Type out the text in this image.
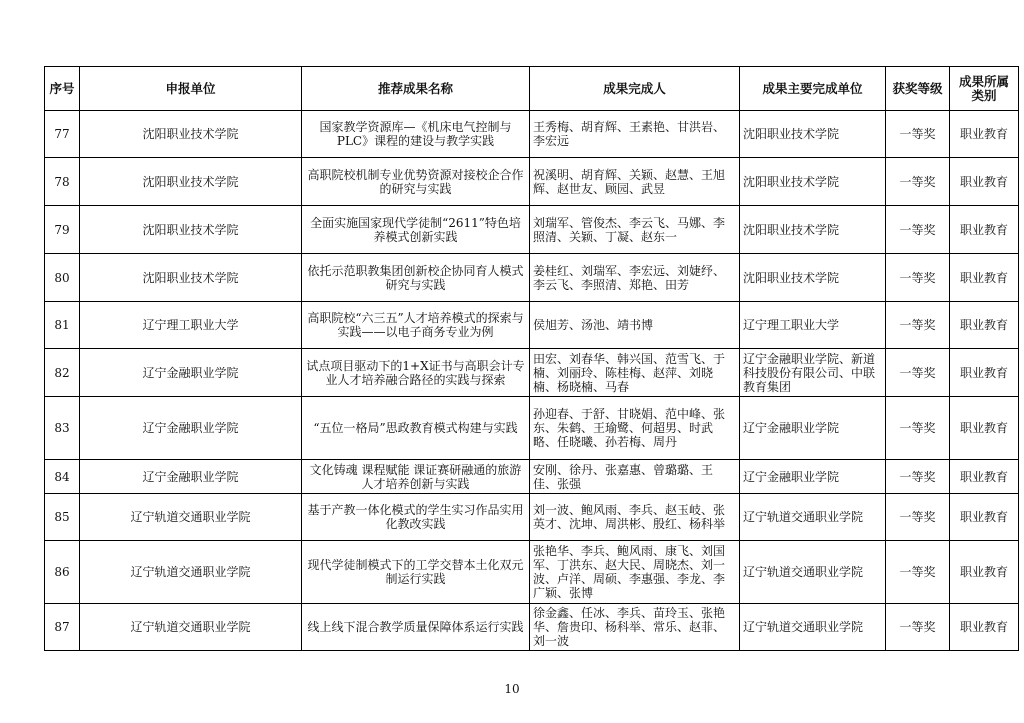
序号	申报单位	推荐成果名称	成果完成人	成果主要完成单位	获奖等级	成果所属类别
77	沈阳职业技术学院	国家教学资源库—《机床电气控制与PLC》课程的建设与教学实践	王秀梅、胡育辉、王素艳、甘洪岩、李宏远	沈阳职业技术学院	一等奖	职业教育
78	沈阳职业技术学院	高职院校机制专业优势资源对接校企合作的研究与实践	祝溪明、胡育辉、关颖、赵慧、王旭辉、赵世友、顾园、武昱	沈阳职业技术学院	一等奖	职业教育
79	沈阳职业技术学院	全面实施国家现代学徒制“2611”特色培养模式创新实践	刘瑞军、管俊杰、李云飞、马娜、李照清、关颖、丁凝、赵东一	沈阳职业技术学院	一等奖	职业教育
80	沈阳职业技术学院	依托示范职教集团创新校企协同育人模式研究与实践	姜桂红、刘瑞军、李宏远、刘婕纾、李云飞、李照清、郑艳、田芳	沈阳职业技术学院	一等奖	职业教育
81	辽宁理工职业大学	高职院校“六三五”人才培养模式的探索与实践——以电子商务专业为例	侯旭芳、汤池、靖书博	辽宁理工职业大学	一等奖	职业教育
82	辽宁金融职业学院	试点项目驱动下的1+X证书与高职会计专业人才培养融合路径的实践与探索	田宏、刘春华、韩兴国、范雪飞、于楠、刘丽玲、陈桂梅、赵萍、刘晓楠、杨晓楠、马春	辽宁金融职业学院、新道科技股份有限公司、中联教育集团	一等奖	职业教育
83	辽宁金融职业学院	“五位一格局”思政教育模式构建与实践	孙迎春、于舒、甘晓娟、范中峰、张东、朱鹤、王瑜鹭、何超男、时武略、任晓曦、孙若梅、周丹	辽宁金融职业学院	一等奖	职业教育
84	辽宁金融职业学院	文化铸魂 课程赋能 课证赛研融通的旅游人才培养创新与实践	安刚、徐丹、张嘉惠、曾璐璐、王佳、张强	辽宁金融职业学院	一等奖	职业教育
85	辽宁轨道交通职业学院	基于产教一体化模式的学生实习作品实用化教改实践	刘一波、鲍风雨、李兵、赵玉岐、张英才、沈坤、周洪彬、殷红、杨科举	辽宁轨道交通职业学院	一等奖	职业教育
86	辽宁轨道交通职业学院	现代学徒制模式下的工学交替本土化双元制运行实践	张艳华、李兵、鲍风雨、康飞、刘国军、丁洪东、赵大民、周晓杰、刘一波、卢洋、周硕、李惠强、李龙、李广颖、张博	辽宁轨道交通职业学院	一等奖	职业教育
87	辽宁轨道交通职业学院	线上线下混合教学质量保障体系运行实践	徐金鑫、任冰、李兵、苗玲玉、张艳华、詹贵印、杨科举、常乐、赵菲、刘一波	辽宁轨道交通职业学院	一等奖	职业教育
10
